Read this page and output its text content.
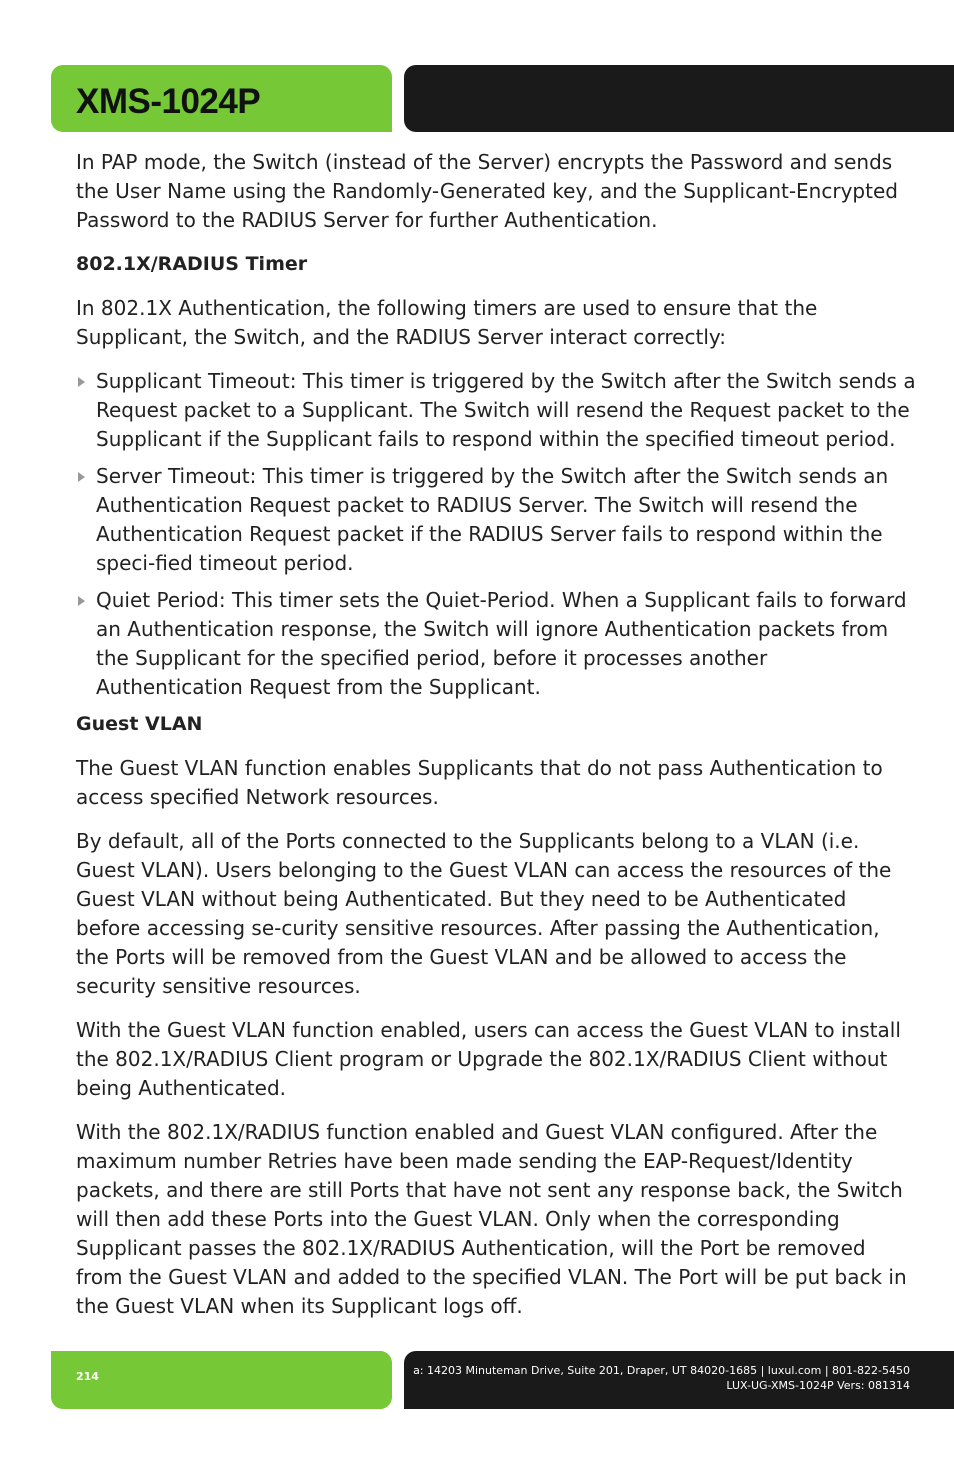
XMS-1024P

In PAP mode, the Switch (instead of the Server) encrypts the Password and sends the User Name using the Randomly-Generated key, and the Supplicant-Encrypted Password to the RADIUS Server for further Authentication.

802.1X/RADIUS Timer

In 802.1X Authentication, the following timers are used to ensure that the Supplicant, the Switch, and the RADIUS Server interact correctly:

Supplicant Timeout: This timer is triggered by the Switch after the Switch sends a Request packet to a Supplicant. The Switch will resend the Request packet to the Supplicant if the Supplicant fails to respond within the specified timeout period.
Server Timeout: This timer is triggered by the Switch after the Switch sends an Authentication Request packet to RADIUS Server. The Switch will resend the Authentication Request packet if the RADIUS Server fails to respond within the speci-fied timeout period.
Quiet Period: This timer sets the Quiet-Period. When a Supplicant fails to forward an Authentication response, the Switch will ignore Authentication packets from the Supplicant for the specified period, before it processes another Authentication Request from the Supplicant.
Guest VLAN

The Guest VLAN function enables Supplicants that do not pass Authentication to access specified Network resources.

By default, all of the Ports connected to the Supplicants belong to a VLAN (i.e. Guest VLAN). Users belonging to the Guest VLAN can access the resources of the Guest VLAN without being Authenticated. But they need to be Authenticated before accessing se-curity sensitive resources. After passing the Authentication, the Ports will be removed from the Guest VLAN and be allowed to access the security sensitive resources.

With the Guest VLAN function enabled, users can access the Guest VLAN to install the 802.1X/RADIUS Client program or Upgrade the 802.1X/RADIUS Client without being Authenticated.

With the 802.1X/RADIUS function enabled and Guest VLAN configured. After the maximum number Retries have been made sending the EAP-Request/Identity packets, and there are still Ports that have not sent any response back, the Switch will then add these Ports into the Guest VLAN. Only when the corresponding Supplicant passes the 802.1X/RADIUS Authentication, will the Port be removed from the Guest VLAN and added to the specified VLAN. The Port will be put back in the Guest VLAN when its Supplicant logs off.

214	a: 14203 Minuteman Drive, Suite 201, Draper, UT 84020-1685 | luxul.com | 801-822-5450
LUX-UG-XMS-1024P Vers: 081314
